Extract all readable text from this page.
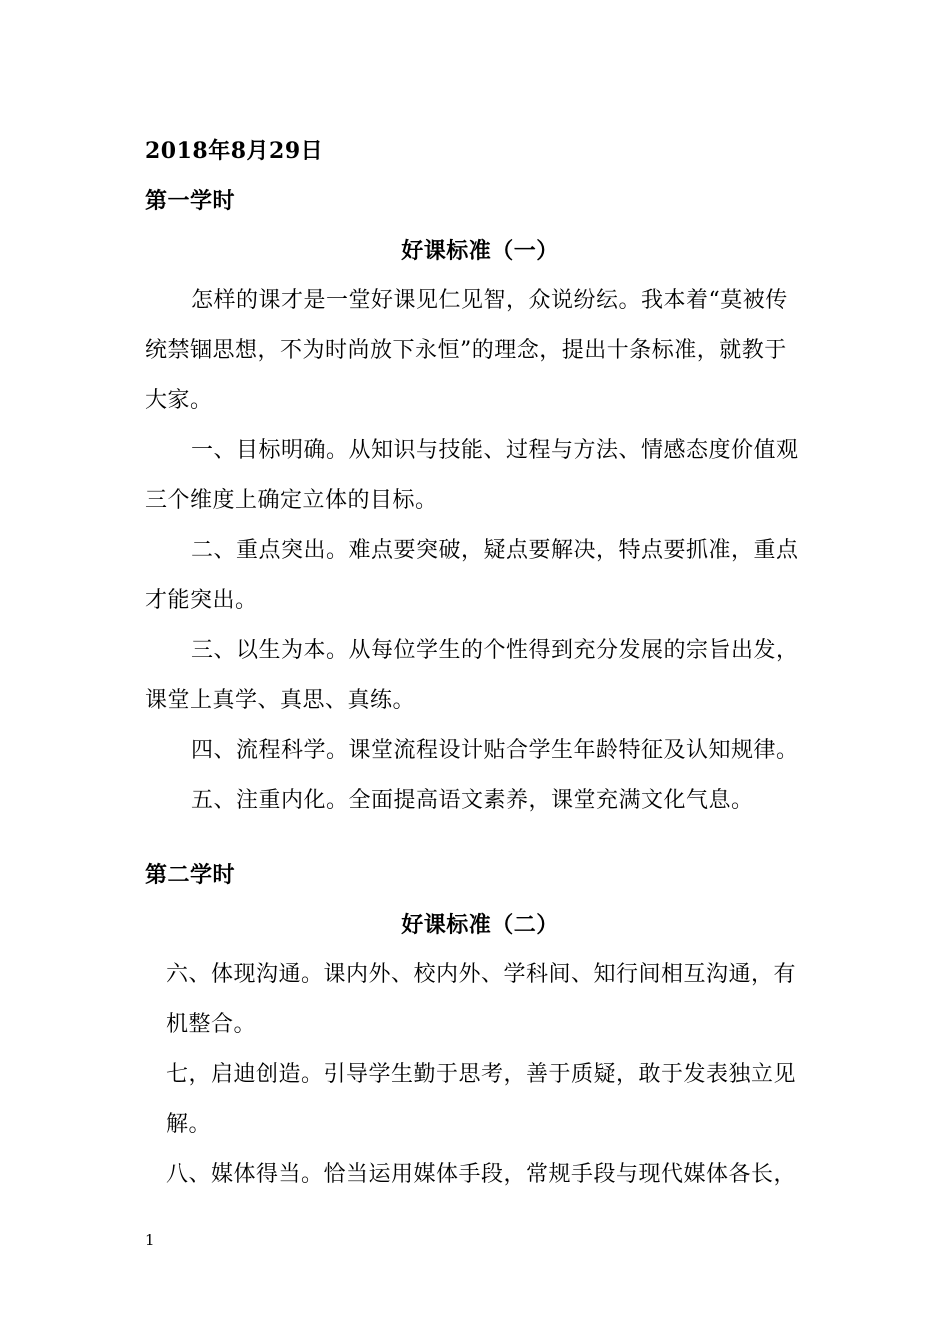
2018年8月29日
第一学时
好课标准（一）
怎样的课才是一堂好课见仁见智，众说纷纭。我本着“莫被传
统禁锢思想，不为时尚放下永恒”的理念，提出十条标准，就教于
大家。
一、目标明确。从知识与技能、过程与方法、情感态度价值观
三个维度上确定立体的目标。
二、重点突出。难点要突破，疑点要解决，特点要抓准，重点
才能突出。
三、以生为本。从每位学生的个性得到充分发展的宗旨出发，
课堂上真学、真思、真练。
四、流程科学。课堂流程设计贴合学生年龄特征及认知规律。
五、注重内化。全面提高语文素养，课堂充满文化气息。
第二学时
好课标准（二）
六、体现沟通。课内外、校内外、学科间、知行间相互沟通，有
机整合。
七，启迪创造。引导学生勤于思考，善于质疑，敢于发表独立见
解。
八、媒体得当。恰当运用媒体手段，常规手段与现代媒体各长，
1
